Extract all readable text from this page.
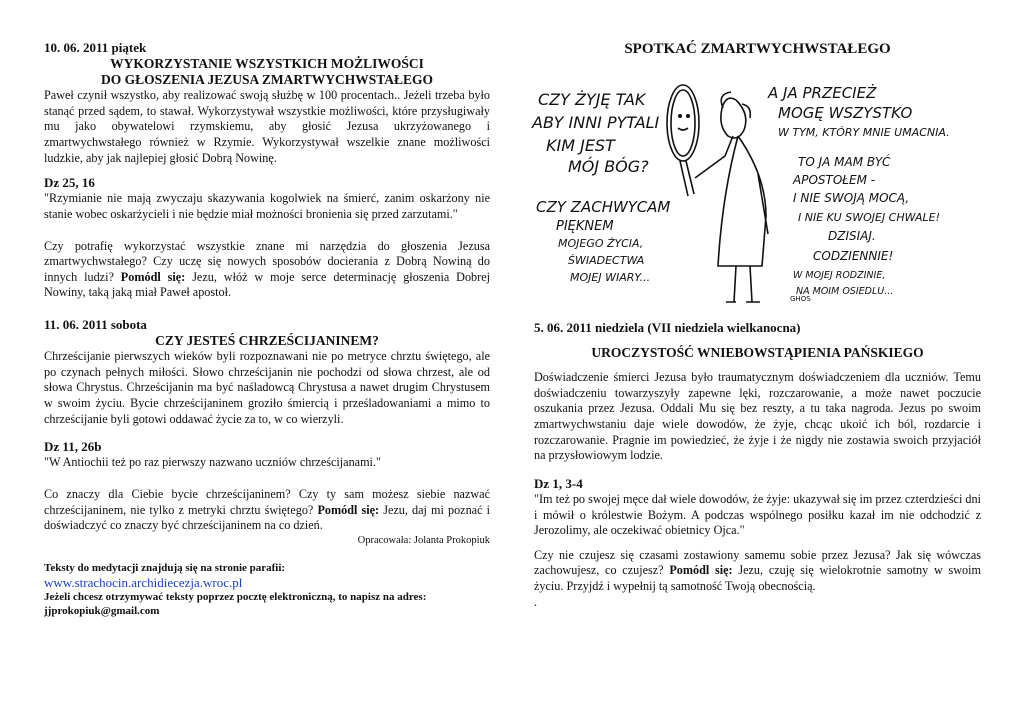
10. 06. 2011 piątek

WYKORZYSTANIE WSZYSTKICH MOŻLIWOŚCI

DO GŁOSZENIA JEZUSA ZMARTWYCHWSTAŁEGO

Paweł czynił wszystko, aby realizować swoją służbę w 100 procentach.. Jeżeli trzeba było stanąć przed sądem, to stawał. Wykorzystywał wszystkie możliwości, które przysługiwały mu jako obywatelowi rzymskiemu, aby głosić Jezusa ukrzyżowanego i zmartwychwstałego również w Rzymie. Wykorzystywał wszelkie znane możliwości ludzkie, aby jak najlepiej głosić Dobrą Nowinę.

Dz 25, 16

"Rzymianie nie mają zwyczaju skazywania kogolwiek na śmierć, zanim oskarżony nie stanie wobec oskarżycieli i nie będzie miał możności bronienia się przed zarzutami."

Czy potrafię wykorzystać wszystkie znane mi narzędzia do głoszenia Jezusa zmartwychwstałego? Czy uczę się nowych sposobów docierania z Dobrą Nowiną do innych ludzi? Pomódl się: Jezu, włóż w moje serce determinację głoszenia Dobrej Nowiny, taką jaką miał Paweł apostoł.

11. 06. 2011 sobota

CZY JESTEŚ CHRZEŚCIJANINEM?

Chrześcijanie pierwszych wieków byli rozpoznawani nie po metryce chrztu świętego, ale po czynach pełnych miłości. Słowo chrześcijanin nie pochodzi od słowa chrzest, ale od słowa Chrystus. Chrześcijanin ma być naśladowcą Chrystusa a nawet drugim Chrystusem w swoim życiu. Bycie chrześcijaninem groziło śmiercią i prześladowaniami a mimo to chrześcijanie byli gotowi oddawać życie za to, w co wierzyli.

Dz 11, 26b

"W Antiochii też po raz pierwszy nazwano uczniów chrześcijanami."

Co znaczy dla Ciebie bycie chrześcijaninem? Czy ty sam możesz siebie nazwać chrześcijaninem, nie tylko z metryki chrztu świętego? Pomódl się: Jezu, daj mi poznać i doświadczyć co znaczy być chrześcijaninem na co dzień.

Opracowała: Jolanta Prokopiuk

Teksty do medytacji znajdują się na stronie parafii:

www.strachocin.archidiecezja.wroc.pl

Jeżeli chcesz otrzymywać teksty poprzez pocztę elektroniczną, to napisz na adres:

jjprokopiuk@gmail.com

SPOTKAĆ ZMARTWYCHWSTAŁEGO

CZY ŻYJĘ TAK
ABY INNI PYTALI
KIM JEST
MÓJ BÓG?
A JA PRZECIEŻ
MOGĘ WSZYSTKO
W TYM, KTÓRY MNIE UMACNIA.
TO JA MAM BYĆ
APOSTOŁEM -
I NIE SWOJĄ MOCĄ,
I NIE KU SWOJEJ CHWALE!
DZISIAJ.
CODZIENNIE!
W MOJEJ RODZINIE,
NA MOIM OSIEDLU...
CZY ZACHWYCAM
PIĘKNEM
MOJEGO ŻYCIA,
ŚWIADECTWA
MOJEJ WIARY...
GHOS

5. 06. 2011 niedziela (VII niedziela wielkanocna)

UROCZYSTOŚĆ WNIEBOWSTĄPIENIA PAŃSKIEGO

Doświadczenie śmierci Jezusa było traumatycznym doświadczeniem dla uczniów. Temu doświadczeniu towarzyszyły zapewne lęki, rozczarowanie, a może nawet poczucie oszukania przez Jezusa. Oddali Mu się bez reszty, a tu taka nagroda. Jezus po swoim zmartwychwstaniu daje wiele dowodów, że żyje, chcąc ukoić ich ból, rozdarcie i rozczarowanie. Pragnie im powiedzieć, że żyje i że nigdy nie zostawia swoich przyjaciół na przysłowiowym lodzie.

Dz 1, 3-4

"Im też po swojej męce dał wiele dowodów, że żyje: ukazywał się im przez czterdzieści dni i mówił o królestwie Bożym. A podczas wspólnego posiłku kazał im nie odchodzić z Jerozolimy, ale oczekiwać obietnicy Ojca."

Czy nie czujesz się czasami zostawiony samemu sobie przez Jezusa? Jak się wówczas zachowujesz, co czujesz? Pomódl się: Jezu, czuję się wielokrotnie samotny w swoim życiu. Przyjdź i wypełnij tą samotność Twoją obecnością.

.
